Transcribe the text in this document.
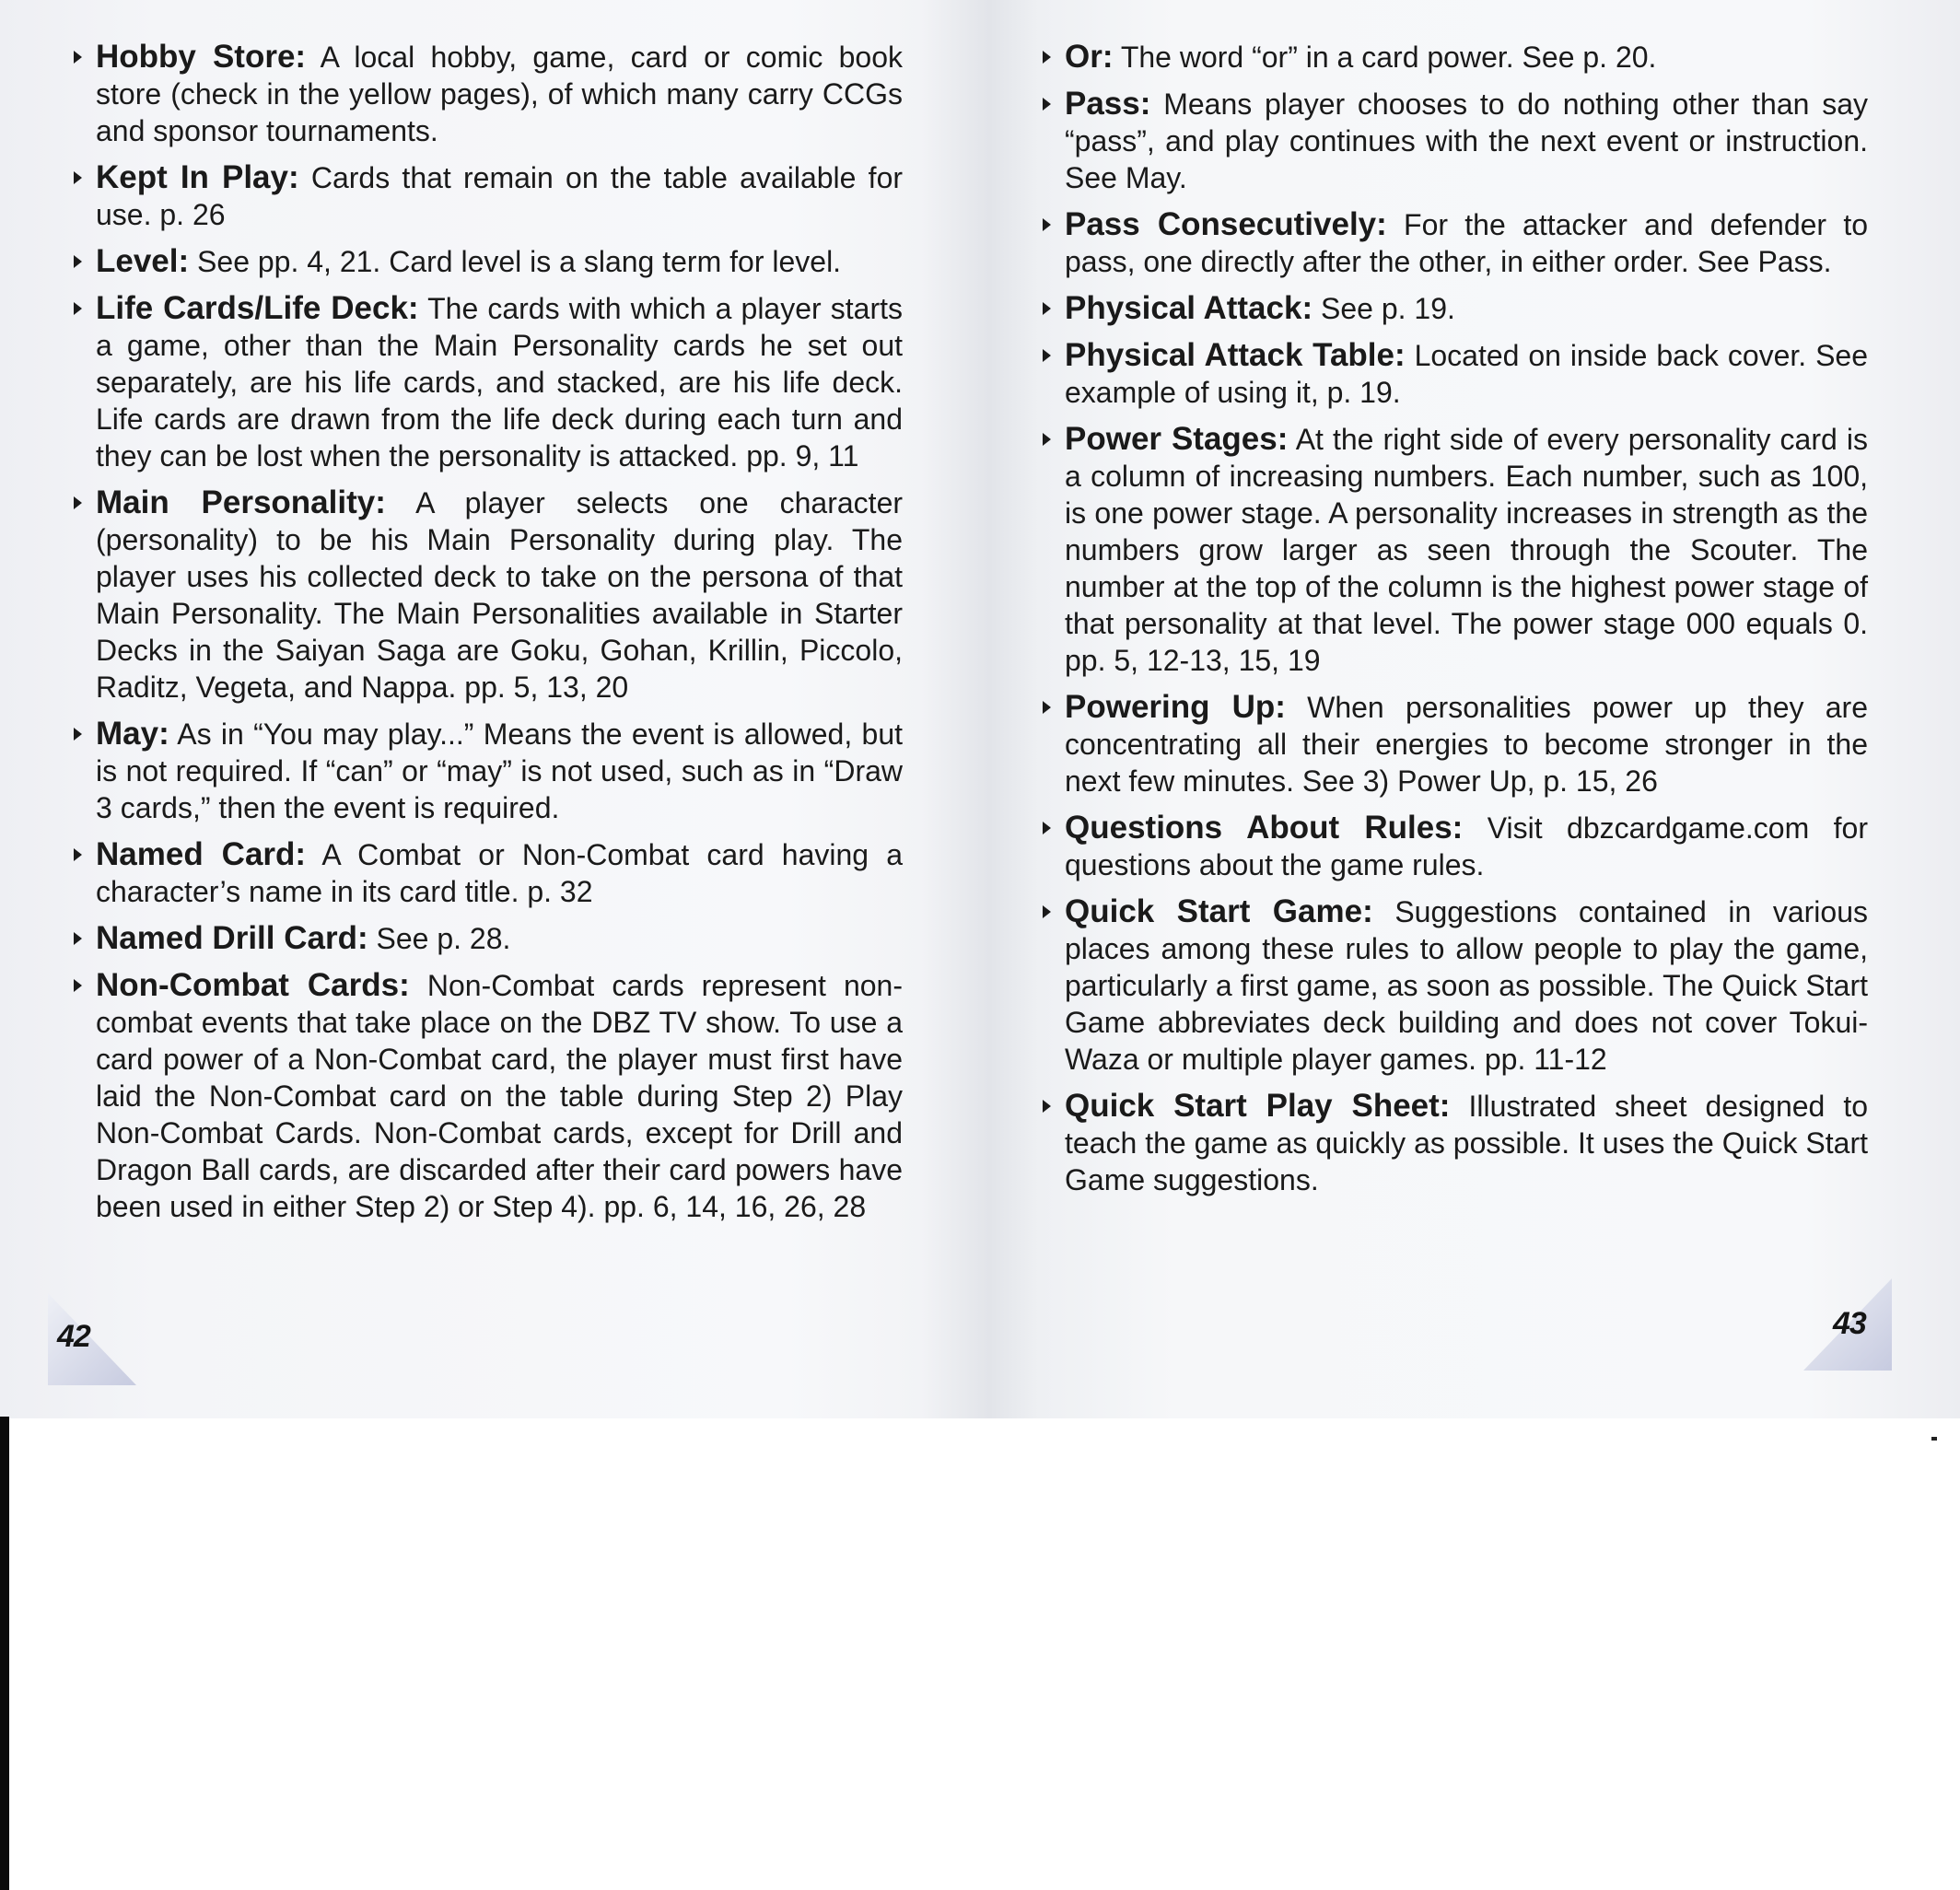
Hobby Store: A local hobby, game, card or comic book store (check in the yellow pages), of which many carry CCGs and sponsor tournaments.
Kept In Play: Cards that remain on the table available for use. p. 26
Level: See pp. 4, 21. Card level is a slang term for level.
Life Cards/Life Deck: The cards with which a player starts a game, other than the Main Personality cards he set out separately, are his life cards, and stacked, are his life deck. Life cards are drawn from the life deck during each turn and they can be lost when the personality is attacked. pp. 9, 11
Main Personality: A player selects one character (personality) to be his Main Personality during play. The player uses his collected deck to take on the persona of that Main Personality. The Main Personalities available in Starter Decks in the Saiyan Saga are Goku, Gohan, Krillin, Piccolo, Raditz, Vegeta, and Nappa. pp. 5, 13, 20
May: As in “You may play...” Means the event is allowed, but is not required. If “can” or “may” is not used, such as in “Draw 3 cards,” then the event is required.
Named Card: A Combat or Non-Combat card having a character’s name in its card title. p. 32
Named Drill Card: See p. 28.
Non-Combat Cards: Non-Combat cards represent non-combat events that take place on the DBZ TV show. To use a card power of a Non-Combat card, the player must first have laid the Non-Combat card on the table during Step 2) Play Non-Combat Cards. Non-Combat cards, except for Drill and Dragon Ball cards, are discarded after their card powers have been used in either Step 2) or Step 4). pp. 6, 14, 16, 26, 28
Or: The word “or” in a card power. See p. 20.
Pass: Means player chooses to do nothing other than say “pass”, and play continues with the next event or instruction. See May.
Pass Consecutively: For the attacker and defender to pass, one directly after the other, in either order. See Pass.
Physical Attack: See p. 19.
Physical Attack Table: Located on inside back cover. See example of using it, p. 19.
Power Stages: At the right side of every personality card is a column of increasing numbers. Each number, such as 100, is one power stage. A personality increases in strength as the numbers grow larger as seen through the Scouter. The number at the top of the column is the highest power stage of that personality at that level. The power stage 000 equals 0. pp. 5, 12-13, 15, 19
Powering Up: When personalities power up they are concentrating all their energies to become stronger in the next few minutes. See 3) Power Up, p. 15, 26
Questions About Rules: Visit dbzcardgame.com for questions about the game rules.
Quick Start Game: Suggestions contained in various places among these rules to allow people to play the game, particularly a first game, as soon as possible. The Quick Start Game abbreviates deck building and does not cover Tokui-Waza or multiple player games. pp. 11-12
Quick Start Play Sheet: Illustrated sheet designed to teach the game as quickly as possible. It uses the Quick Start Game suggestions.
42	43
